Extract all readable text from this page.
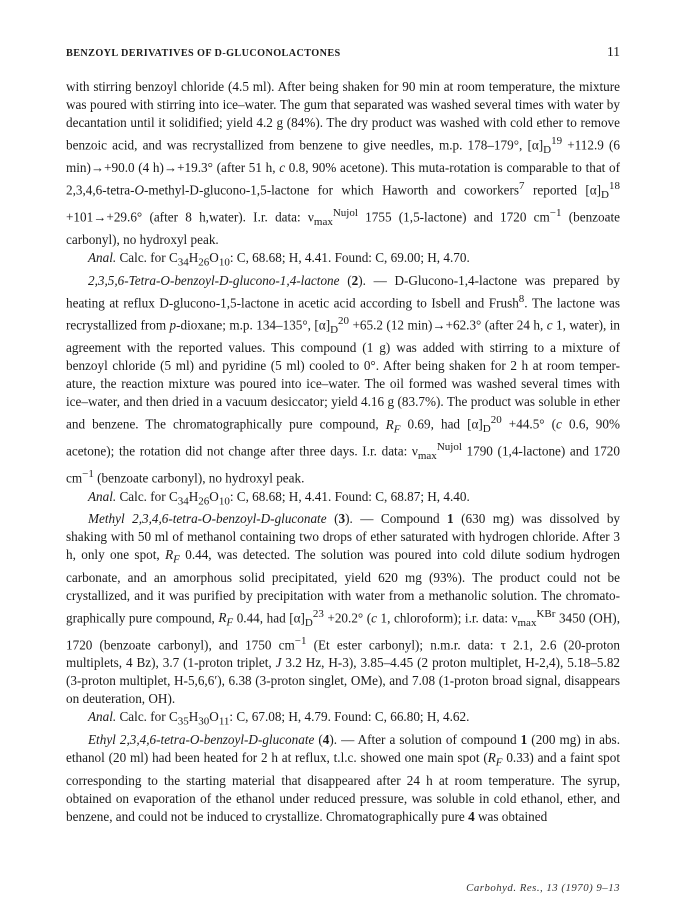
BENZOYL DERIVATIVES OF D-GLUCONOLACTONES	11

with stirring benzoyl chloride (4.5 ml). After being shaken for 90 min at room temperature, the mixture was poured with stirring into ice–water. The gum that separated was washed several times with water by decantation until it solidified; yield 4.2 g (84%). The dry product was washed with cold ether to remove benzoic acid, and was recrystallized from benzene to give needles, m.p. 178–179°, $[\alpha]_D^{19} +112.9$ (6 min)→+90.0 (4 h)→+19.3° (after 51 h, c 0.8, 90% acetone). This muta-rotation is comparable to that of 2,3,4,6-tetra-O-methyl-D-glucono-1,5-lactone for which Haworth and coworkers$^7$ reported $[\alpha]_D^{18} +101\to+29.6^\circ$ (after 8 h,water). I.r. data: $\nu_{max}^{Nujol}$ 1755 (1,5-lactone) and 1720 $cm^{-1}$ (benzoate carbonyl), no hydroxyl peak.

Anal. Calc. for $C_{34}H_{26}O_{10}$: C, 68.68; H, 4.41. Found: C, 69.00; H, 4.70.

2,3,5,6-Tetra-O-benzoyl-D-glucono-1,4-lactone (2). — D-Glucono-1,4-lactone was prepared by heating at reflux D-glucono-1,5-lactone in acetic acid according to Isbell and Frush$^8$. The lactone was recrystallized from p-dioxane; m.p. 134–135°, $[\alpha]_D^{20} +65.2$ (12 min)→+62.3° (after 24 h, c 1, water), in agreement with the reported values. This compound (1 g) was added with stirring to a mixture of benzoyl chloride (5 ml) and pyridine (5 ml) cooled to 0°. After being shaken for 2 h at room temper-ature, the reaction mixture was poured into ice–water. The oil formed was washed several times with ice–water, and then dried in a vacuum desiccator; yield 4.16 g (83.7%). The product was soluble in ether and benzene. The chromatographically pure compound, $R_F$ 0.69, had $[\alpha]_D^{20} +44.5^\circ$ (c 0.6, 90% acetone); the rotation did not change after three days. I.r. data: $\nu_{max}^{Nujol}$ 1790 (1,4-lactone) and 1720 $cm^{-1}$ (benzoate carbonyl), no hydroxyl peak.

Anal. Calc. for $C_{34}H_{26}O_{10}$: C, 68.68; H, 4.41. Found: C, 68.87; H, 4.40.

Methyl 2,3,4,6-tetra-O-benzoyl-D-gluconate (3). — Compound 1 (630 mg) was dissolved by shaking with 50 ml of methanol containing two drops of ether saturated with hydrogen chloride. After 3 h, only one spot, $R_F$ 0.44, was detected. The solution was poured into cold dilute sodium hydrogen carbonate, and an amorphous solid precipitated, yield 620 mg (93%). The product could not be crystallized, and it was purified by precipitation with water from a methanolic solution. The chromato-graphically pure compound, $R_F$ 0.44, had $[\alpha]_D^{23} +20.2^\circ$ (c 1, chloroform); i.r. data: $\nu_{max}^{KBr}$ 3450 (OH), 1720 (benzoate carbonyl), and 1750 $cm^{-1}$ (Et ester carbonyl); n.m.r. data: τ 2.1, 2.6 (20-proton multiplets, 4 Bz), 3.7 (1-proton triplet, J 3.2 Hz, H-3), 3.85–4.45 (2 proton multiplet, H-2,4), 5.18–5.82 (3-proton multiplet, H-5,6,6′), 6.38 (3-proton singlet, OMe), and 7.08 (1-proton broad signal, disappears on deuteration, OH).

Anal. Calc. for $C_{35}H_{30}O_{11}$: C, 67.08; H, 4.79. Found: C, 66.80; H, 4.62.

Ethyl 2,3,4,6-tetra-O-benzoyl-D-gluconate (4). — After a solution of compound 1 (200 mg) in abs. ethanol (20 ml) had been heated for 2 h at reflux, t.l.c. showed one main spot ($R_F$ 0.33) and a faint spot corresponding to the starting material that disappeared after 24 h at room temperature. The syrup, obtained on evaporation of the ethanol under reduced pressure, was soluble in cold ethanol, ether, and benzene, and could not be induced to crystallize. Chromatographically pure 4 was obtained

Carbohyd. Res., 13 (1970) 9–13
